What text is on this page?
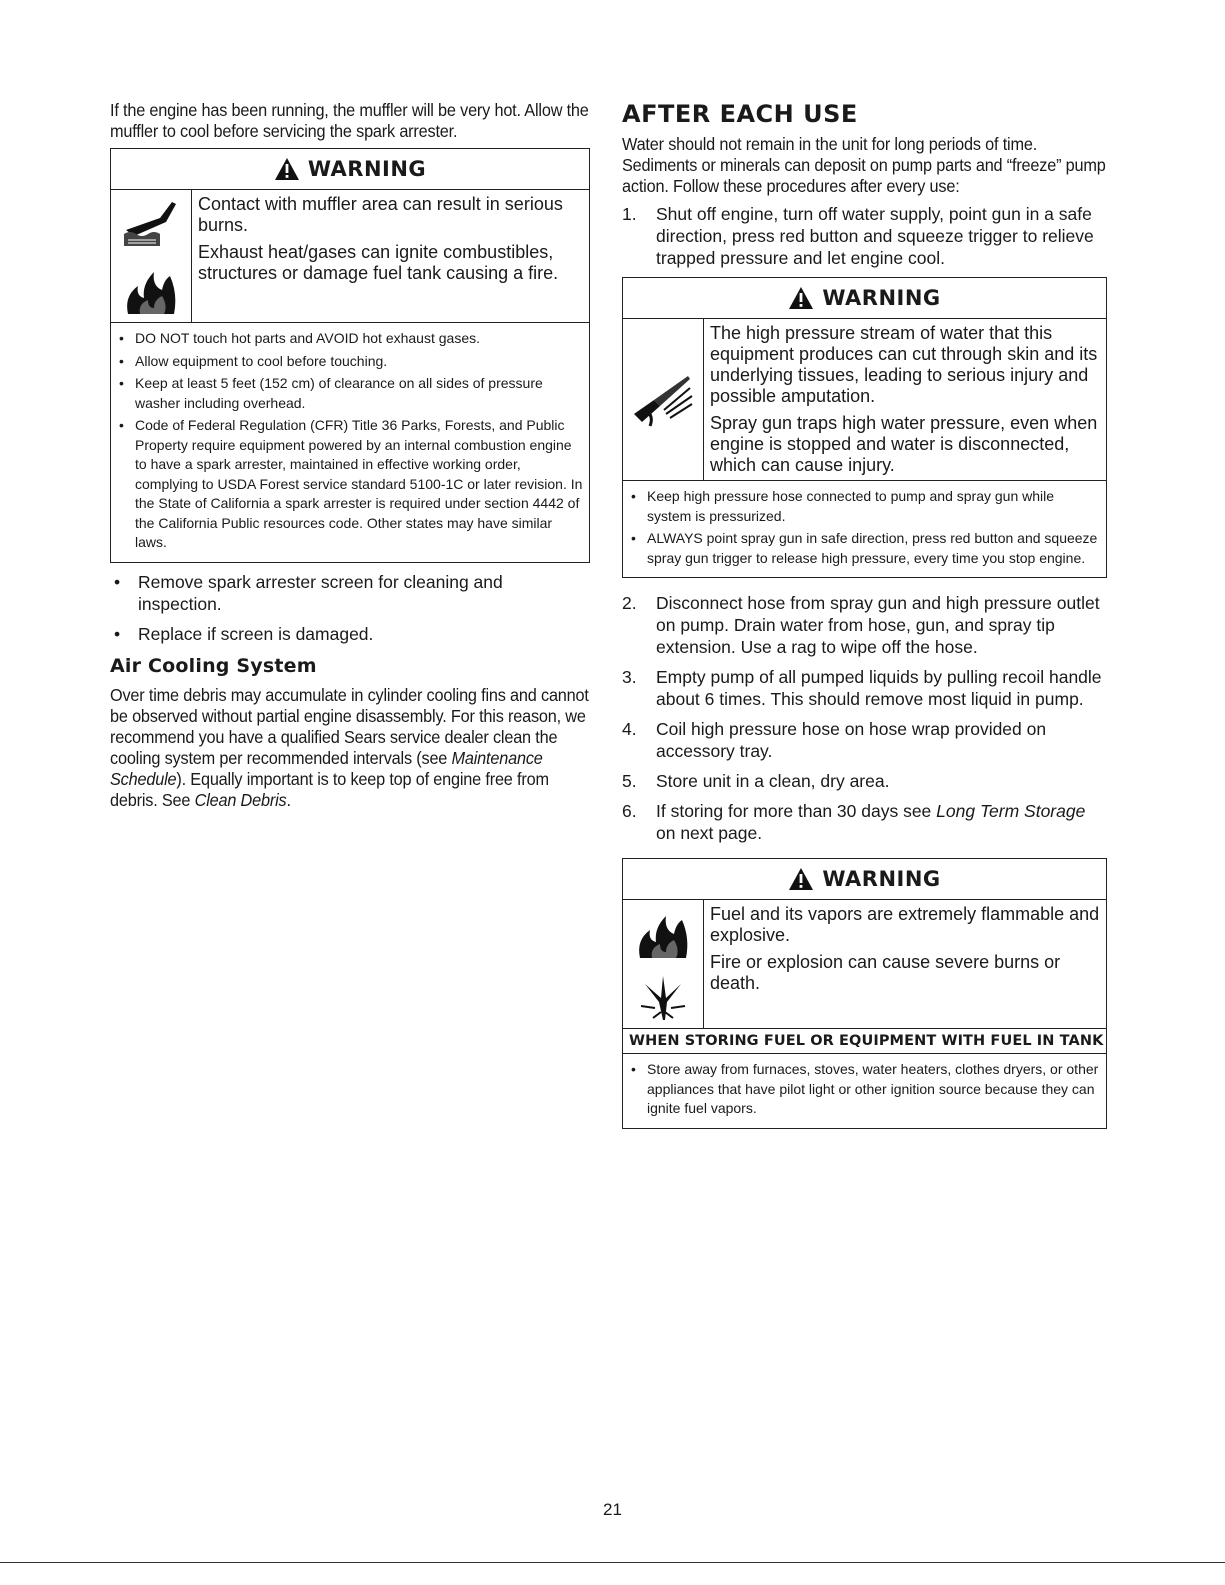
If the engine has been running, the muffler will be very hot. Allow the muffler to cool before servicing the spark arrester.

WARNING

Contact with muffler area can result in serious burns.

Exhaust heat/gases can ignite combustibles, structures or damage fuel tank causing a fire.

• DO NOT touch hot parts and AVOID hot exhaust gases.
• Allow equipment to cool before touching.
• Keep at least 5 feet (152 cm) of clearance on all sides of pressure washer including overhead.
• Code of Federal Regulation (CFR) Title 36 Parks, Forests, and Public Property require equipment powered by an internal combustion engine to have a spark arrester, maintained in effective working order, complying to USDA Forest service standard 5100-1C or later revision. In the State of California a spark arrester is required under section 4442 of the California Public resources code. Other states may have similar laws.
• Remove spark arrester screen for cleaning and inspection.
• Replace if screen is damaged.
Air Cooling System

Over time debris may accumulate in cylinder cooling fins and cannot be observed without partial engine disassembly. For this reason, we recommend you have a qualified Sears service dealer clean the cooling system per recommended intervals (see Maintenance Schedule). Equally important is to keep top of engine free from debris. See Clean Debris.

AFTER EACH USE

Water should not remain in the unit for long periods of time. Sediments or minerals can deposit on pump parts and “freeze” pump action. Follow these procedures after every use:

1.	Shut off engine, turn off water supply, point gun in a safe direction, press red button and squeeze trigger to relieve trapped pressure and let engine cool.
WARNING

The high pressure stream of water that this equipment produces can cut through skin and its underlying tissues, leading to serious injury and possible amputation.

Spray gun traps high water pressure, even when engine is stopped and water is disconnected, which can cause injury.

• Keep high pressure hose connected to pump and spray gun while system is pressurized.
• ALWAYS point spray gun in safe direction, press red button and squeeze spray gun trigger to release high pressure, every time you stop engine.
2.	Disconnect hose from spray gun and high pressure outlet on pump. Drain water from hose, gun, and spray tip extension. Use a rag to wipe off the hose.
3.	Empty pump of all pumped liquids by pulling recoil handle about 6 times. This should remove most liquid in pump.
4.	Coil high pressure hose on hose wrap provided on accessory tray.
5.	Store unit in a clean, dry area.
6.	If storing for more than 30 days see Long Term Storage on next page.
WARNING

Fuel and its vapors are extremely flammable and explosive.

Fire or explosion can cause severe burns or death.

WHEN STORING FUEL OR EQUIPMENT WITH FUEL IN TANK
• Store away from furnaces, stoves, water heaters, clothes dryers, or other appliances that have pilot light or other ignition source because they can ignite fuel vapors.
21
